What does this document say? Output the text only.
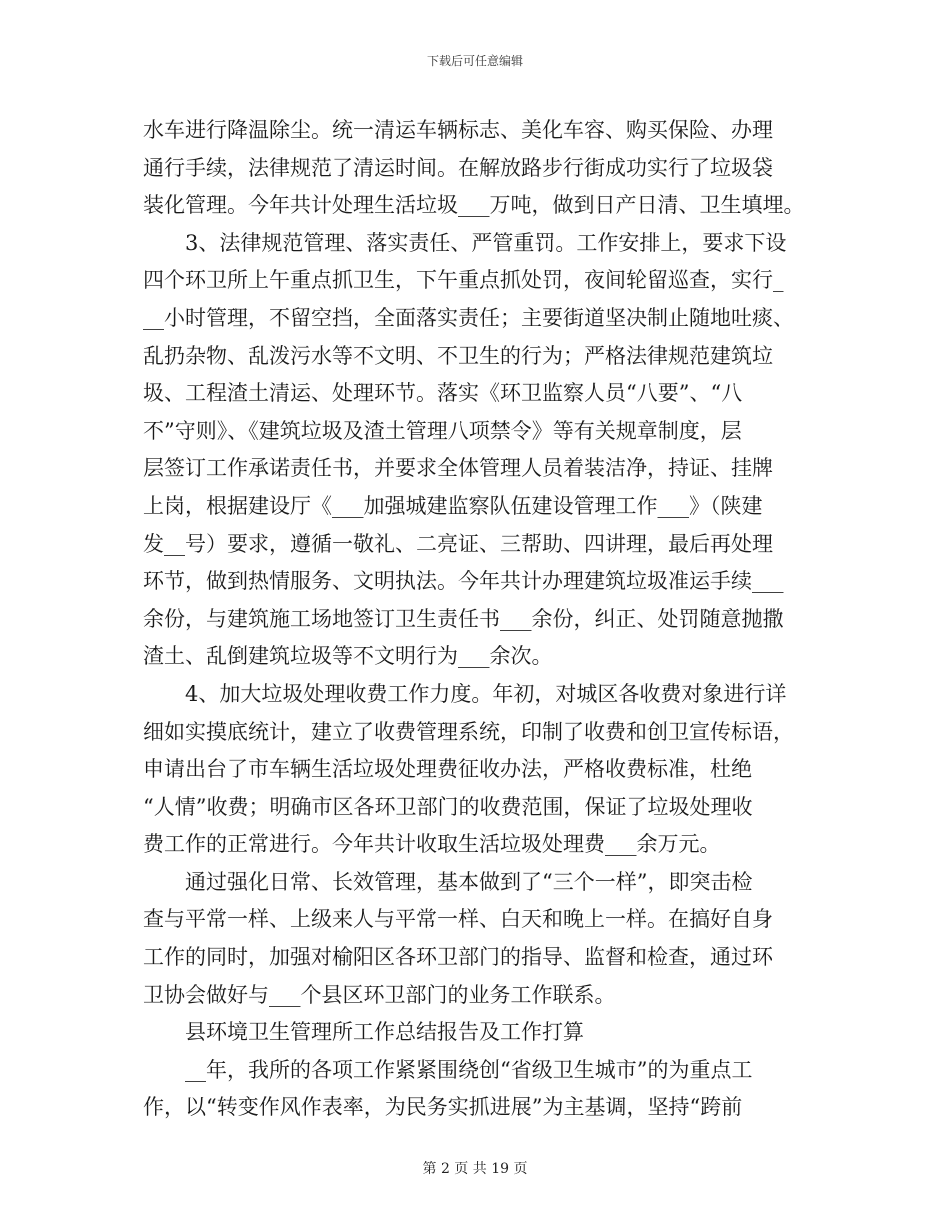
下载后可任意编辑
水车进行降温除尘。统一清运车辆标志、美化车容、购买保险、办理
通行手续，法律规范了清运时间。在解放路步行街成功实行了垃圾袋
装化管理。今年共计处理生活垃圾___万吨，做到日产日清、卫生填埋。
3、法律规范管理、落实责任、严管重罚。工作安排上，要求下设
四个环卫所上午重点抓卫生，下午重点抓处罚，夜间轮留巡查，实行_
__小时管理，不留空挡，全面落实责任；主要街道坚决制止随地吐痰、
乱扔杂物、乱泼污水等不文明、不卫生的行为；严格法律规范建筑垃
圾、工程渣土清运、处理环节。落实《环卫监察人员“八要”、“八
不”守则》、《建筑垃圾及渣土管理八项禁令》等有关规章制度，层
层签订工作承诺责任书，并要求全体管理人员着装洁净，持证、挂牌
上岗，根据建设厅《___加强城建监察队伍建设管理工作___》（陕建
发__号）要求，遵循一敬礼、二亮证、三帮助、四讲理，最后再处理
环节，做到热情服务、文明执法。今年共计办理建筑垃圾准运手续___
余份，与建筑施工场地签订卫生责任书___余份，纠正、处罚随意抛撒
渣土、乱倒建筑垃圾等不文明行为___余次。
4、加大垃圾处理收费工作力度。年初，对城区各收费对象进行详
细如实摸底统计，建立了收费管理系统，印制了收费和创卫宣传标语，
申请出台了市车辆生活垃圾处理费征收办法，严格收费标准，杜绝
“人情”收费；明确市区各环卫部门的收费范围，保证了垃圾处理收
费工作的正常进行。今年共计收取生活垃圾处理费___余万元。
通过强化日常、长效管理，基本做到了“三个一样”，即突击检
查与平常一样、上级来人与平常一样、白天和晚上一样。在搞好自身
工作的同时，加强对榆阳区各环卫部门的指导、监督和检查，通过环
卫协会做好与___个县区环卫部门的业务工作联系。
县环境卫生管理所工作总结报告及工作打算
__年，我所的各项工作紧紧围绕创“省级卫生城市”的为重点工
作，以“转变作风作表率，为民务实抓进展”为主基调，坚持“跨前
第 2 页 共 19 页
